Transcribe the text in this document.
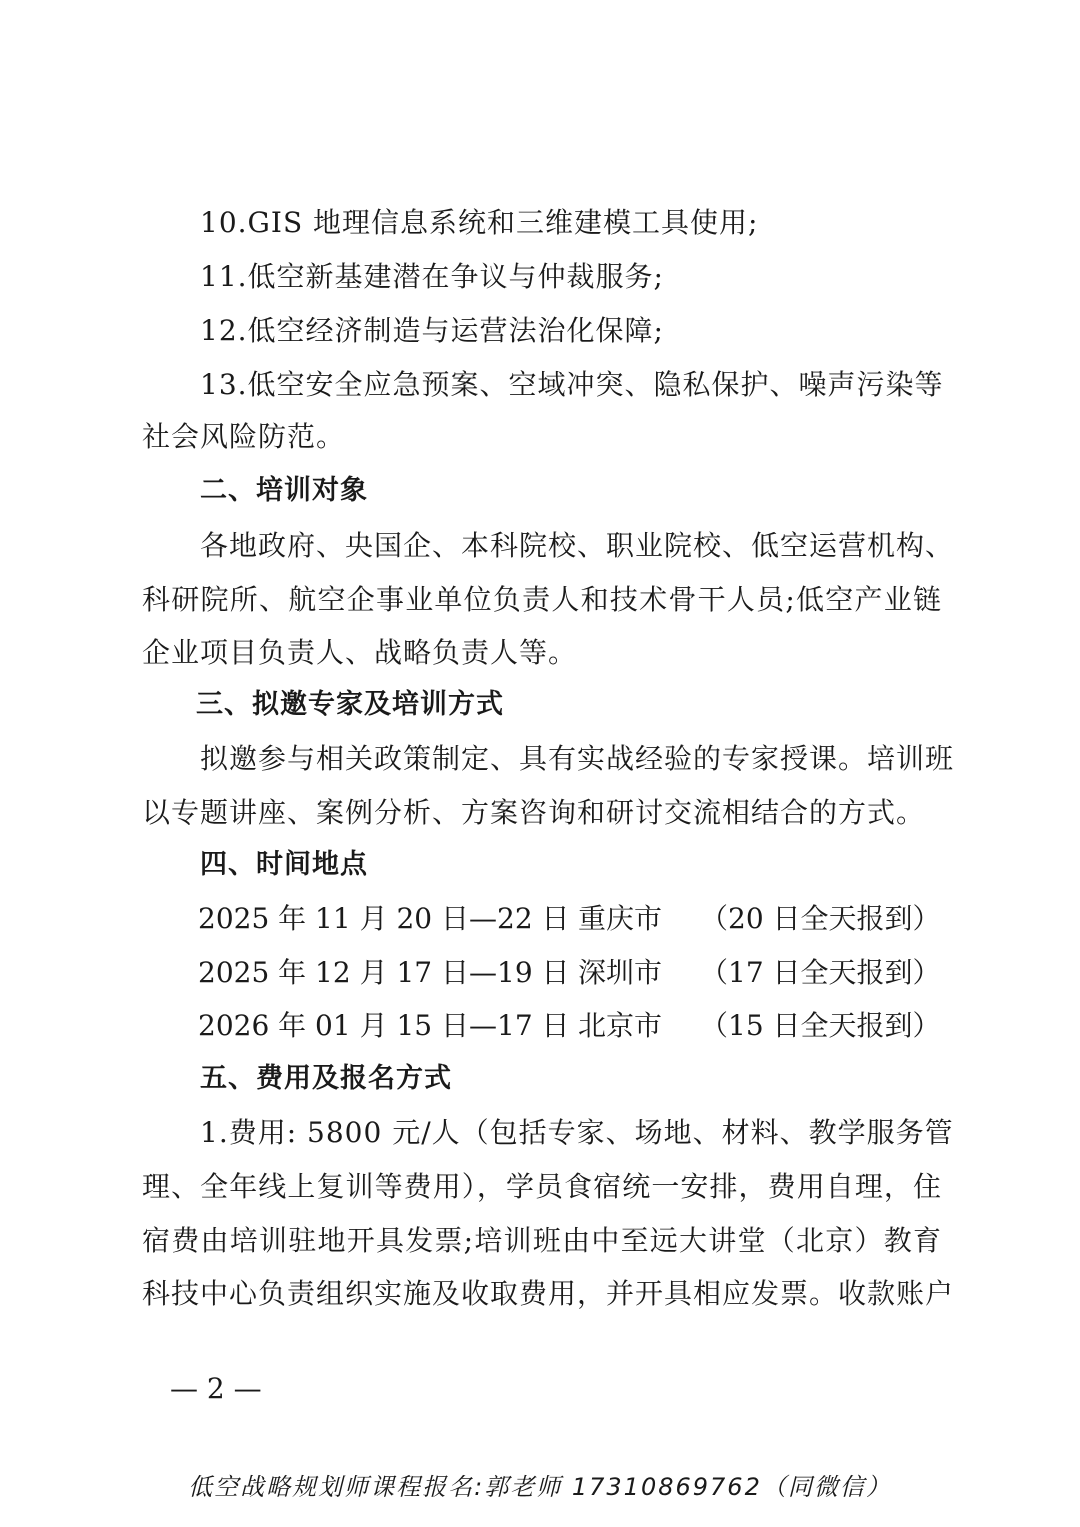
10.GIS 地理信息系统和三维建模工具使用;
11.低空新基建潜在争议与仲裁服务;
12.低空经济制造与运营法治化保障;
13.低空安全应急预案、空域冲突、隐私保护、噪声污染等
社会风险防范。
二、培训对象
各地政府、央国企、本科院校、职业院校、低空运营机构、
科研院所、航空企事业单位负责人和技术骨干人员;低空产业链
企业项目负责人、战略负责人等。
三、拟邀专家及培训方式
拟邀参与相关政策制定、具有实战经验的专家授课。培训班
以专题讲座、案例分析、方案咨询和研讨交流相结合的方式。
四、时间地点
2025 年 11 月 20 日—22 日 重庆市 （20 日全天报到）
2025 年 12 月 17 日—19 日 深圳市 （17 日全天报到）
2026 年 01 月 15 日—17 日 北京市 （15 日全天报到）
五、费用及报名方式
1.费用: 5800 元/人（包括专家、场地、材料、教学服务管
理、全年线上复训等费用），学员食宿统一安排，费用自理，住
宿费由培训驻地开具发票;培训班由中至远大讲堂（北京）教育
科技中心负责组织实施及收取费用，并开具相应发票。收款账户
— 2 —
低空战略规划师课程报名:郭老师 17310869762（同微信）
